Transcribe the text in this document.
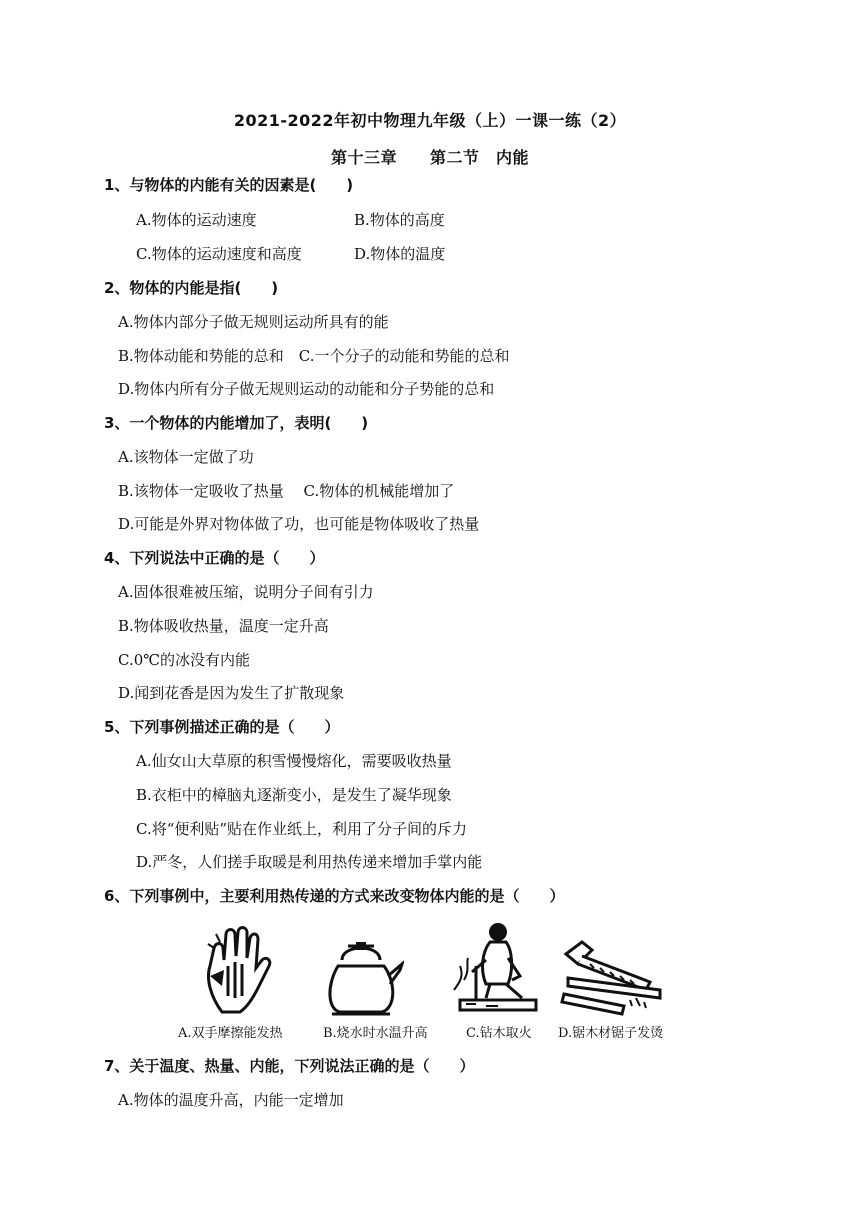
2021-2022年初中物理九年级（上）一课一练（2）
第十三章　　第二节　内能
1、与物体的内能有关的因素是(　　)
A.物体的运动速度	B.物体的高度
C.物体的运动速度和高度	D.物体的温度
2、物体的内能是指(　　)
A.物体内部分子做无规则运动所具有的能
B.物体动能和势能的总和　C.一个分子的动能和势能的总和
D.物体内所有分子做无规则运动的动能和分子势能的总和
3、一个物体的内能增加了，表明(　　)
A.该物体一定做了功
B.该物体一定吸收了热量　 C.物体的机械能增加了
D.可能是外界对物体做了功，也可能是物体吸收了热量
4、下列说法中正确的是（　　）
A.固体很难被压缩，说明分子间有引力
B.物体吸收热量，温度一定升高
C.0℃的冰没有内能
D.闻到花香是因为发生了扩散现象
5、下列事例描述正确的是（　　）
A.仙女山大草原的积雪慢慢熔化，需要吸收热量
B.衣柜中的樟脑丸逐渐变小，是发生了凝华现象
C.将“便利贴”贴在作业纸上，利用了分子间的斥力
D.严冬，人们搓手取暖是利用热传递来增加手掌内能
6、下列事例中，主要利用热传递的方式来改变物体内能的是（　　）
A.双手摩擦能发热	B.烧水时水温升高	C.钻木取火 D.锯木材锯子发烫
7、关于温度、热量、内能，下列说法正确的是（　　）
A.物体的温度升高，内能一定增加
